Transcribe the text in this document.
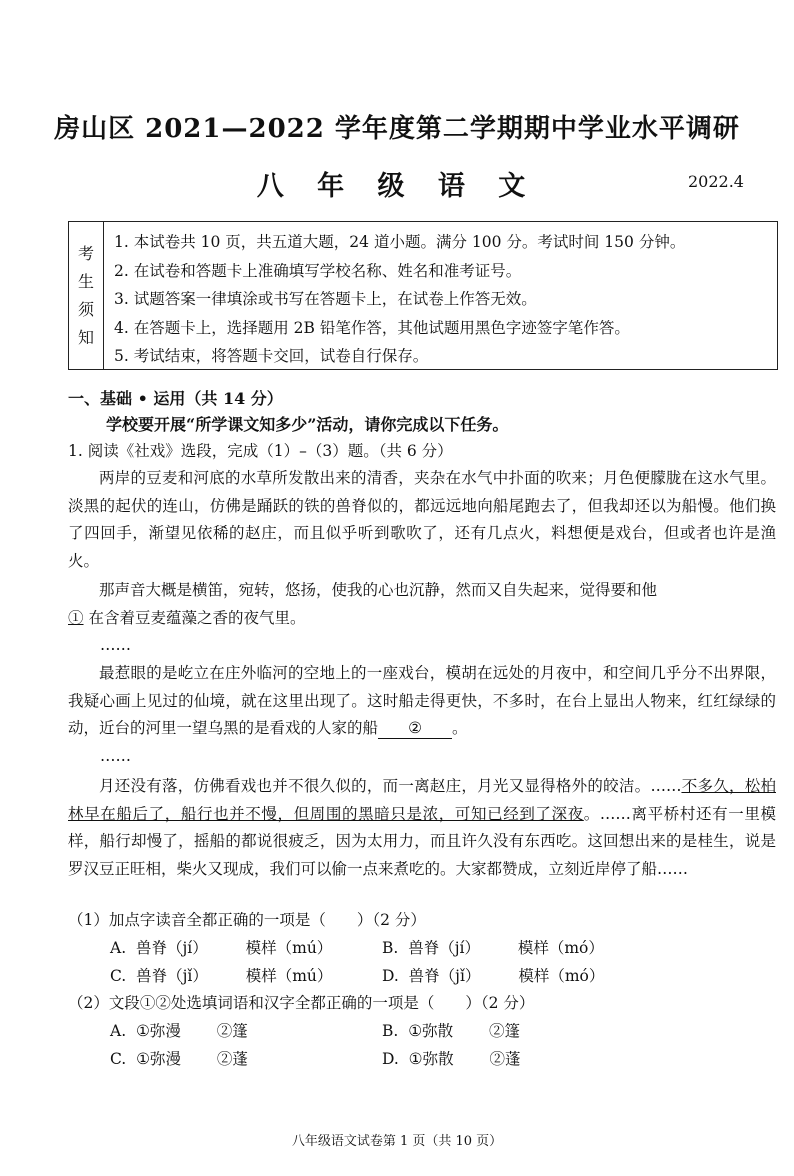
房山区 2021—2022 学年度第二学期期中学业水平调研
八 年 级 语 文	2022.4
考
生
须
知
1. 本试卷共 10 页，共五道大题，24 道小题。满分 100 分。考试时间 150 分钟。
2. 在试卷和答题卡上准确填写学校名称、姓名和准考证号。
3. 试题答案一律填涂或书写在答题卡上，在试卷上作答无效。
4. 在答题卡上，选择题用 2B 铅笔作答，其他试题用黑色字迹签字笔作答。
5. 考试结束，将答题卡交回，试卷自行保存。
一、基础 • 运用（共 14 分）
学校要开展“所学课文知多少”活动，请你完成以下任务。
1. 阅读《社戏》选段，完成（1）–（3）题。（共 6 分）

两岸的豆麦和河底的水草所发散出来的清香，夹杂在水气中扑面的吹来；月色便朦胧在这水气里。淡黑的起伏的连山，仿佛是踊跃的铁的兽脊似的，都远远地向船尾跑去了，但我却还以为船慢。他们换了四回手，渐望见依稀的赵庄，而且似乎听到歌吹了，还有几点火，料想便是戏台，但或者也许是渔火。

那声音大概是横笛，宛转，悠扬，使我的心也沉静，然而又自失起来，觉得要和他

① 在含着豆麦蕴藻之香的夜气里。

……

最惹眼的是屹立在庄外临河的空地上的一座戏台，模胡在远处的月夜中，和空间几乎分不出界限，我疑心画上见过的仙境，就在这里出现了。这时船走得更快，不多时，在台上显出人物来，红红绿绿的动，近台的河里一望乌黑的是看戏的人家的船 ② 。

……

月还没有落，仿佛看戏也并不很久似的，而一离赵庄，月光又显得格外的皎洁。……不多久，松柏林早在船后了，船行也并不慢，但周围的黑暗只是浓，可知已经到了深夜。……离平桥村还有一里模样，船行却慢了，摇船的都说很疲乏，因为太用力，而且许久没有东西吃。这回想出来的是桂生，说是罗汉豆正旺相，柴火又现成，我们可以偷一点来煮吃的。大家都赞成，立刻近岸停了船……

（1）加点字读音全都正确的一项是（　　）（2 分）
A. 兽脊（jí） 模样（mú）	B. 兽脊（jí） 模样（mó）
C. 兽脊（jǐ） 模样（mú）	D. 兽脊（jǐ） 模样（mó）
（2）文段①②处选填词语和汉字全都正确的一项是（　　）（2 分）
A. ①弥漫 ②篷	B. ①弥散 ②篷
C. ①弥漫 ②蓬	D. ①弥散 ②蓬
八年级语文试卷第 1 页（共 10 页）
